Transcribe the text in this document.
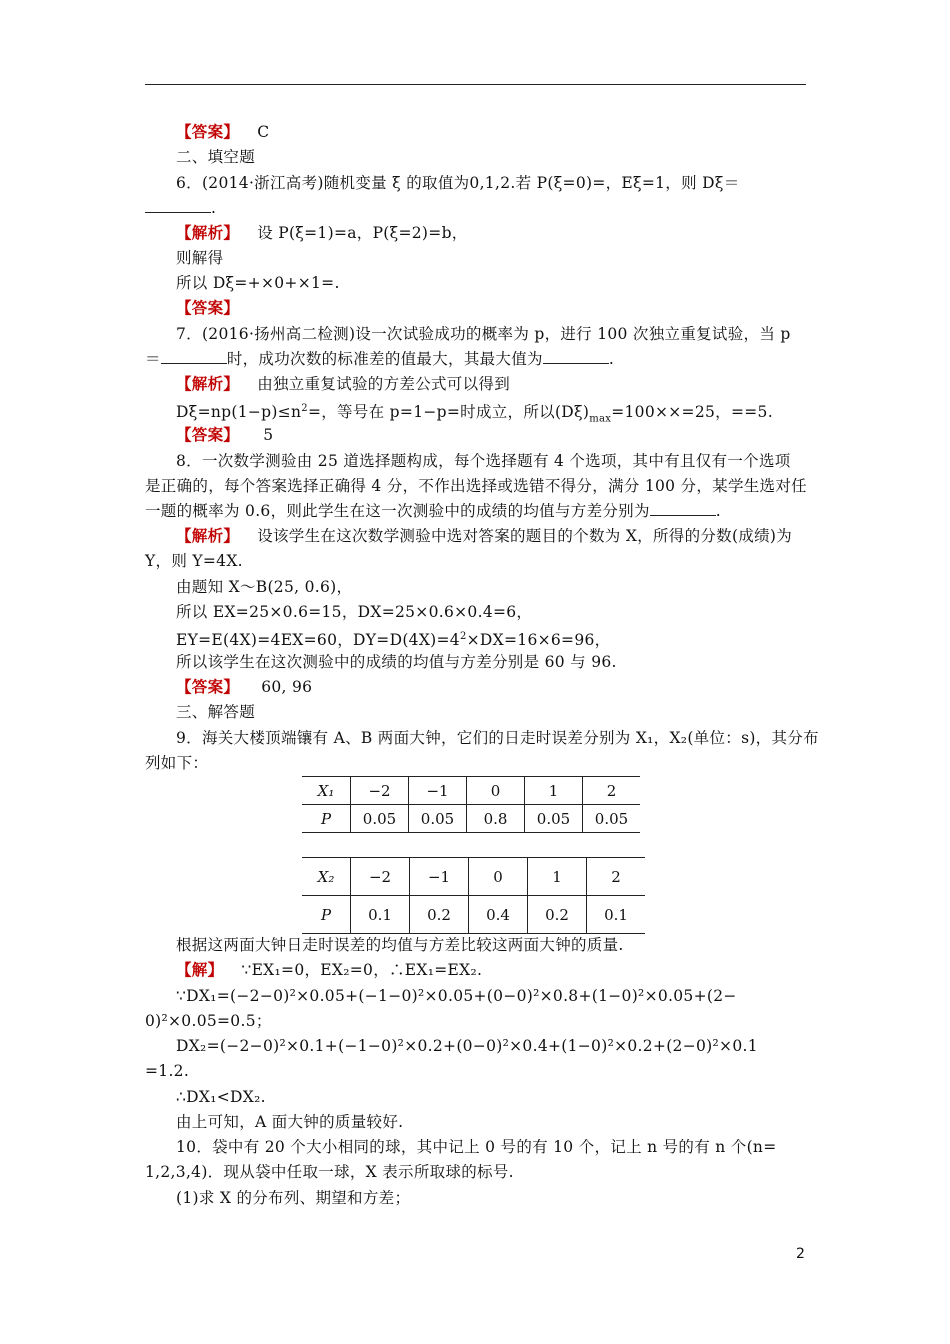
【答案】 C
二、填空题
6．(2014·浙江高考)随机变量 ξ 的取值为0,1,2.若 P(ξ=0)=，Eξ=1，则 Dξ＝
.
【解析】 设 P(ξ=1)=a，P(ξ=2)=b，
则解得
所以 Dξ=+×0+×1=.
【答案】
7．(2016·扬州高二检测)设一次试验成功的概率为 p，进行 100 次独立重复试验，当 p
＝	时，成功次数的标准差的值最大，其最大值为	.
【解析】 由独立重复试验的方差公式可以得到
$D\xi=np(1-p)\le n^2=$，等号在 p=1−p=时成立，所以$(D\xi)_{max}=100\times\times=25$，==5.
【答案】 5
8．一次数学测验由 25 道选择题构成，每个选择题有 4 个选项，其中有且仅有一个选项
是正确的，每个答案选择正确得 4 分，不作出选择或选错不得分，满分 100 分，某学生选对任
一题的概率为 0.6，则此学生在这一次测验中的成绩的均值与方差分别为	.
【解析】 设该学生在这次数学测验中选对答案的题目的个数为 X，所得的分数(成绩)为
Y，则 Y=4X.
由题知 X～B(25, 0.6)，
所以 EX=25×0.6=15，DX=25×0.6×0.4=6，
EY=E(4X)=4EX=60，$DY=D(4X)=4^2\times DX=16\times 6=96$，
所以该学生在这次测验中的成绩的均值与方差分别是 60 与 96.
【答案】 60, 96
三、解答题
9．海关大楼顶端镶有 A、B 两面大钟，它们的日走时误差分别为 X₁，X₂(单位：s)，其分布
列如下：
X₁	−2	−1	0	1	2
P	0.05	0.05	0.8	0.05	0.05
X₂	−2	−1	0	1	2
P	0.1	0.2	0.4	0.2	0.1
根据这两面大钟日走时误差的均值与方差比较这两面大钟的质量.
【解】 ∵EX₁=0，EX₂=0，∴EX₁=EX₂.
∵DX₁=(−2−0)²×0.05+(−1−0)²×0.05+(0−0)²×0.8+(1−0)²×0.05+(2−
0)²×0.05=0.5；
DX₂=(−2−0)²×0.1+(−1−0)²×0.2+(0−0)²×0.4+(1−0)²×0.2+(2−0)²×0.1
=1.2.
∴DX₁<DX₂.
由上可知，A 面大钟的质量较好.
10．袋中有 20 个大小相同的球，其中记上 0 号的有 10 个，记上 n 号的有 n 个(n=
1,2,3,4)．现从袋中任取一球，X 表示所取球的标号.
(1)求 X 的分布列、期望和方差；
2
